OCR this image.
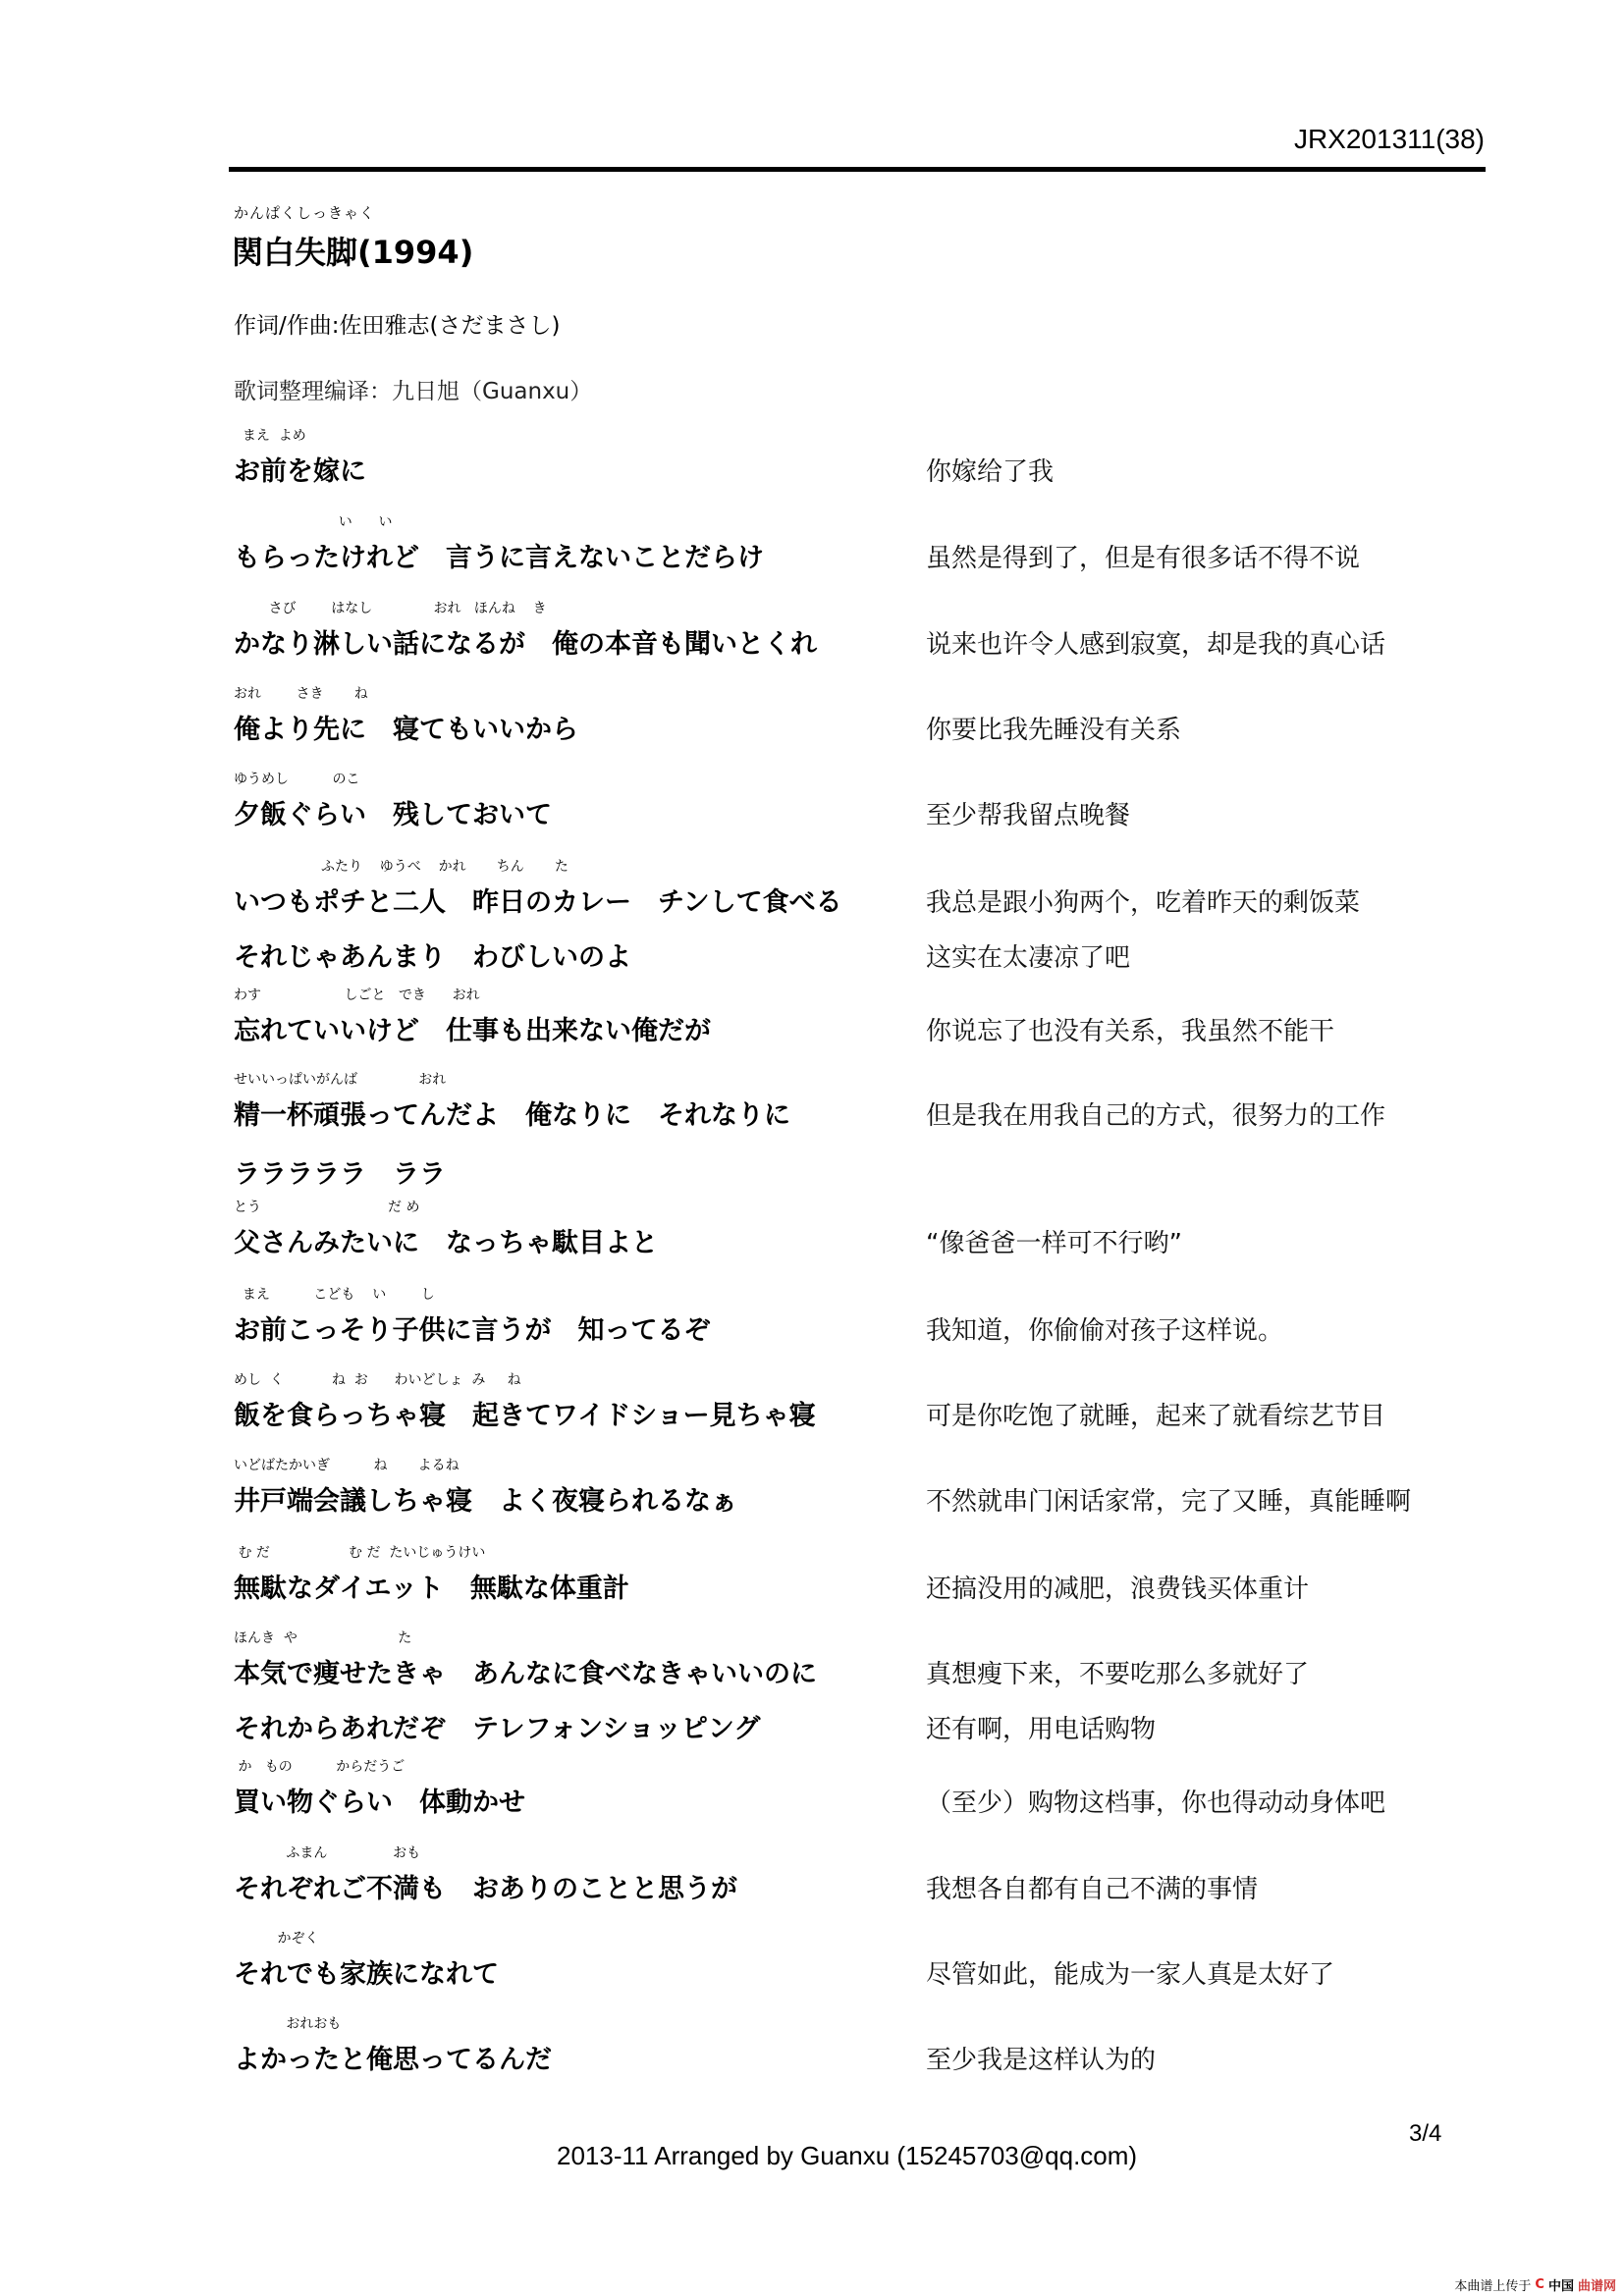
JRX201311(38)
かんぱくしっきゃく
関白失脚(1994)
作词/作曲:佐田雅志(さだまさし)
歌词整理编译：九日旭（Guanxu）
まえ  よめ
お前を嫁に	你嫁给了我
い      い
もらったけれど　言うに言えないことだらけ	虽然是得到了，但是有很多话不得不说
さび        はなし              おれ   ほんね    き
かなり淋しい話になるが　俺の本音も聞いとくれ	说来也许令人感到寂寞，却是我的真心话
おれ        さき       ね
俺より先に　寝てもいいから	你要比我先睡没有关系
ゆうめし          のこ
夕飯ぐらい　残しておいて	至少帮我留点晚餐
ふたり    ゆうべ    かれ       ちん       た
いつもポチと二人　昨日のカレー　チンして食べる	我总是跟小狗两个，吃着昨天的剩饭菜
それじゃあんまり　わびしいのよ	这实在太凄凉了吧
わす                   しごと   でき      おれ
忘れていいけど　仕事も出来ない俺だが	你说忘了也没有关系，我虽然不能干
せいいっぱいがんば              おれ
精一杯頑張ってんだよ　俺なりに　それなりに	但是我在用我自己的方式，很努力的工作
ラララララ　ララ
とう                             だ め
父さんみたいに　なっちゃ駄目よと	“像爸爸一样可不行哟”
まえ          こども    い        し
お前こっそり子供に言うが　知ってるぞ	我知道，你偷偷对孩子这样说。
めし  く           ね  お      わいどしょ  み     ね
飯を食らっちゃ寝　起きてワイドショー見ちゃ寝	可是你吃饱了就睡，起来了就看综艺节目
いどばたかいぎ          ね       よるね
井戸端会議しちゃ寝　よく夜寝られるなぁ	不然就串门闲话家常，完了又睡，真能睡啊
む だ                  む だ  たいじゅうけい
無駄なダイエット　無駄な体重計	还搞没用的减肥，浪费钱买体重计
ほんき  や                       た
本気で痩せたきゃ　あんなに食べなきゃいいのに	真想瘦下来，不要吃那么多就好了
それからあれだぞ　テレフォンショッピング	还有啊，用电话购物
か   もの          からだうご
買い物ぐらい　体動かせ	（至少）购物这档事，你也得动动身体吧
ふまん               おも
それぞれご不満も　おありのことと思うが	我想各自都有自己不满的事情
かぞく
それでも家族になれて	尽管如此，能成为一家人真是太好了
おれおも
よかったと俺思ってるんだ	至少我是这样认为的
2013-11 Arranged by Guanxu (15245703@qq.com)
3/4
本曲谱上传于 C 中国 曲谱网
